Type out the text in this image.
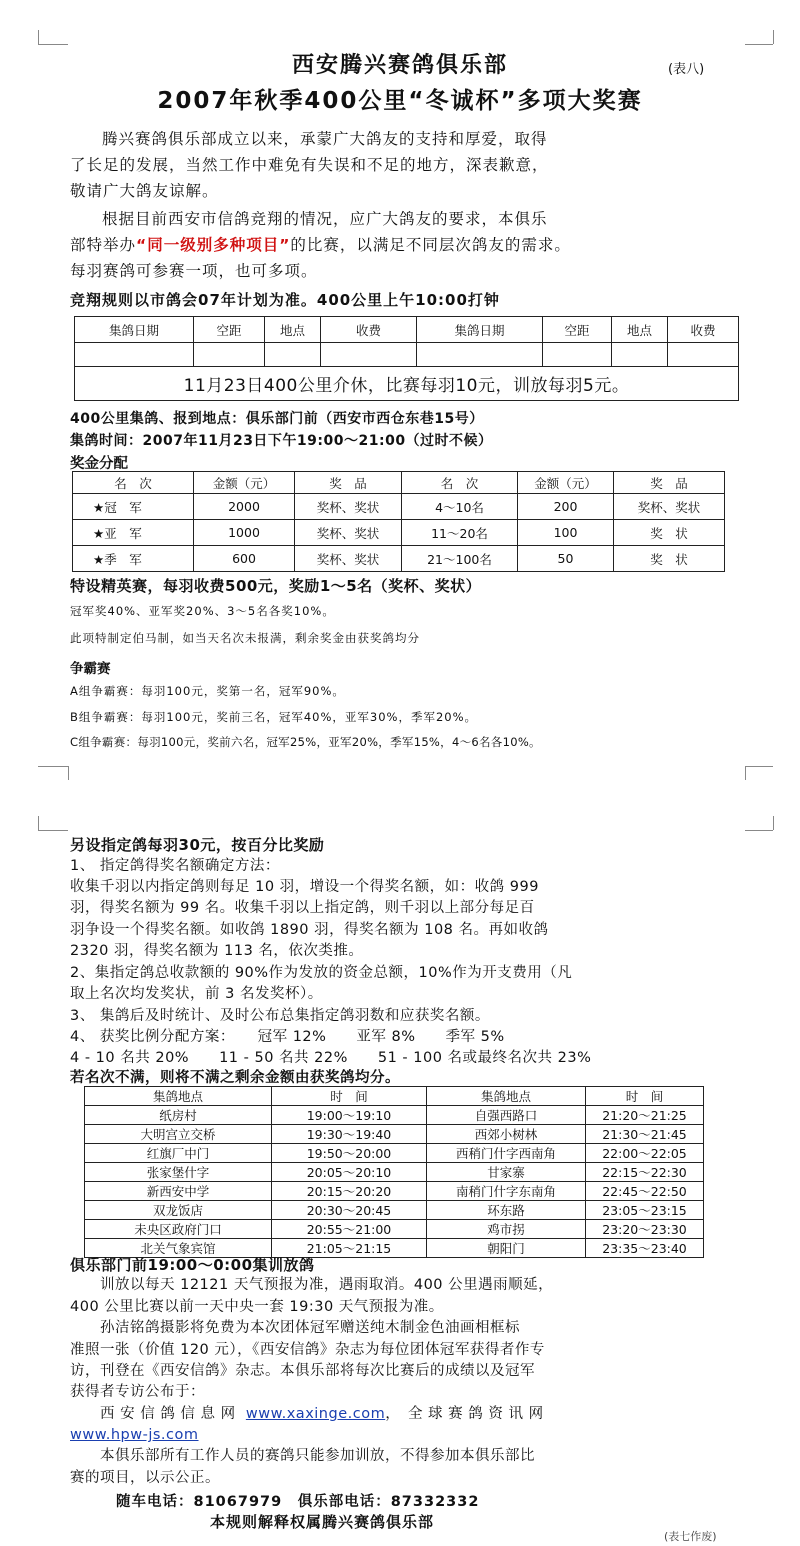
西安腾兴赛鸽俱乐部	(表八)
2007年秋季400公里“冬诚杯”多项大奖赛
腾兴赛鸽俱乐部成立以来，承蒙广大鸽友的支持和厚爱，取得
了长足的发展，当然工作中难免有失误和不足的地方，深表歉意，
敬请广大鸽友谅解。
根据目前西安市信鸽竞翔的情况，应广大鸽友的要求，本俱乐
部特举办“同一级别多种项目”的比赛，以满足不同层次鸽友的需求。
每羽赛鸽可参赛一项，也可多项。
竞翔规则以市鸽会07年计划为准。400公里上午10:00打钟
集鸽日期	空距	地点	收费	集鸽日期	空距	地点	收费

11月23日400公里介休，比赛每羽10元，训放每羽5元。							
400公里集鸽、报到地点：俱乐部门前（西安市西仓东巷15号）
集鸽时间：2007年11月23日下午19:00～21:00（过时不候）
奖金分配
名　次	金额（元）	奖　品	名　次	金额（元）	奖　品
★冠　军	2000	奖杯、奖状	4～10名	200	奖杯、奖状
★亚　军	1000	奖杯、奖状	11～20名	100	奖　状
★季　军	600	奖杯、奖状	21～100名	50	奖　状
特设精英赛，每羽收费500元，奖励1～5名（奖杯、奖状）
冠军奖40%、亚军奖20%、3～5名各奖10%。
此项特制定伯马制，如当天名次未报满，剩余奖金由获奖鸽均分
争霸赛
A组争霸赛：每羽100元，奖第一名，冠军90%。
B组争霸赛：每羽100元，奖前三名，冠军40%，亚军30%，季军20%。
C组争霸赛：每羽100元，奖前六名，冠军25%，亚军20%，季军15%，4～6名各10%。
另设指定鸽每羽30元，按百分比奖励
1、 指定鸽得奖名额确定方法：
收集千羽以内指定鸽则每足 10 羽，增设一个得奖名额，如：收鸽 999
羽，得奖名额为 99 名。收集千羽以上指定鸽，则千羽以上部分每足百
羽争设一个得奖名额。如收鸽 1890 羽，得奖名额为 108 名。再如收鸽
2320 羽，得奖名额为 113 名，依次类推。
2、集指定鸽总收款额的 90%作为发放的资金总额，10%作为开支费用（凡
取上名次均发奖状，前 3 名发奖杯）。
3、 集鸽后及时统计、及时公布总集指定鸽羽数和应获奖名额。
4、 获奖比例分配方案：　　冠军 12%　　亚军 8%　　季军 5%
4 - 10 名共 20%　　11 - 50 名共 22%　　51 - 100 名或最终名次共 23%
若名次不满，则将不满之剩余金额由获奖鸽均分。
集鸽地点	时　间	集鸽地点	时　间
纸房村	19:00～19:10	自强西路口	21:20～21:25
大明宫立交桥	19:30～19:40	西郊小树林	21:30～21:45
红旗厂中门	19:50～20:00	西稍门什字西南角	22:00～22:05
张家堡什字	20:05～20:10	甘家寨	22:15～22:30
新西安中学	20:15～20:20	南稍门什字东南角	22:45～22:50
双龙饭店	20:30～20:45	环东路	23:05～23:15
未央区政府门口	20:55～21:00	鸡市拐	23:20～23:30
北关气象宾馆	21:05～21:15	朝阳门	23:35～23:40
俱乐部门前19:00～0:00集训放鸽
训放以每天 12121 天气预报为准，遇雨取消。400 公里遇雨顺延，
400 公里比赛以前一天中央一套 19:30 天气预报为准。
孙洁铭鸽摄影将免费为本次团体冠军赠送纯木制金色油画相框标
准照一张（价值 120 元），《西安信鸽》杂志为每位团体冠军获得者作专
访，刊登在《西安信鸽》杂志。本俱乐部将每次比赛后的成绩以及冠军
获得者专访公布于：
西 安 信 鸽 信 息 网 www.xaxinge.com，　全 球 赛 鸽 资 讯 网
www.hpw-js.com
本俱乐部所有工作人员的赛鸽只能参加训放，不得参加本俱乐部比
赛的项目，以示公正。
随车电话：81067979　俱乐部电话：87332332
本规则解释权属腾兴赛鸽俱乐部
(表七作废)
